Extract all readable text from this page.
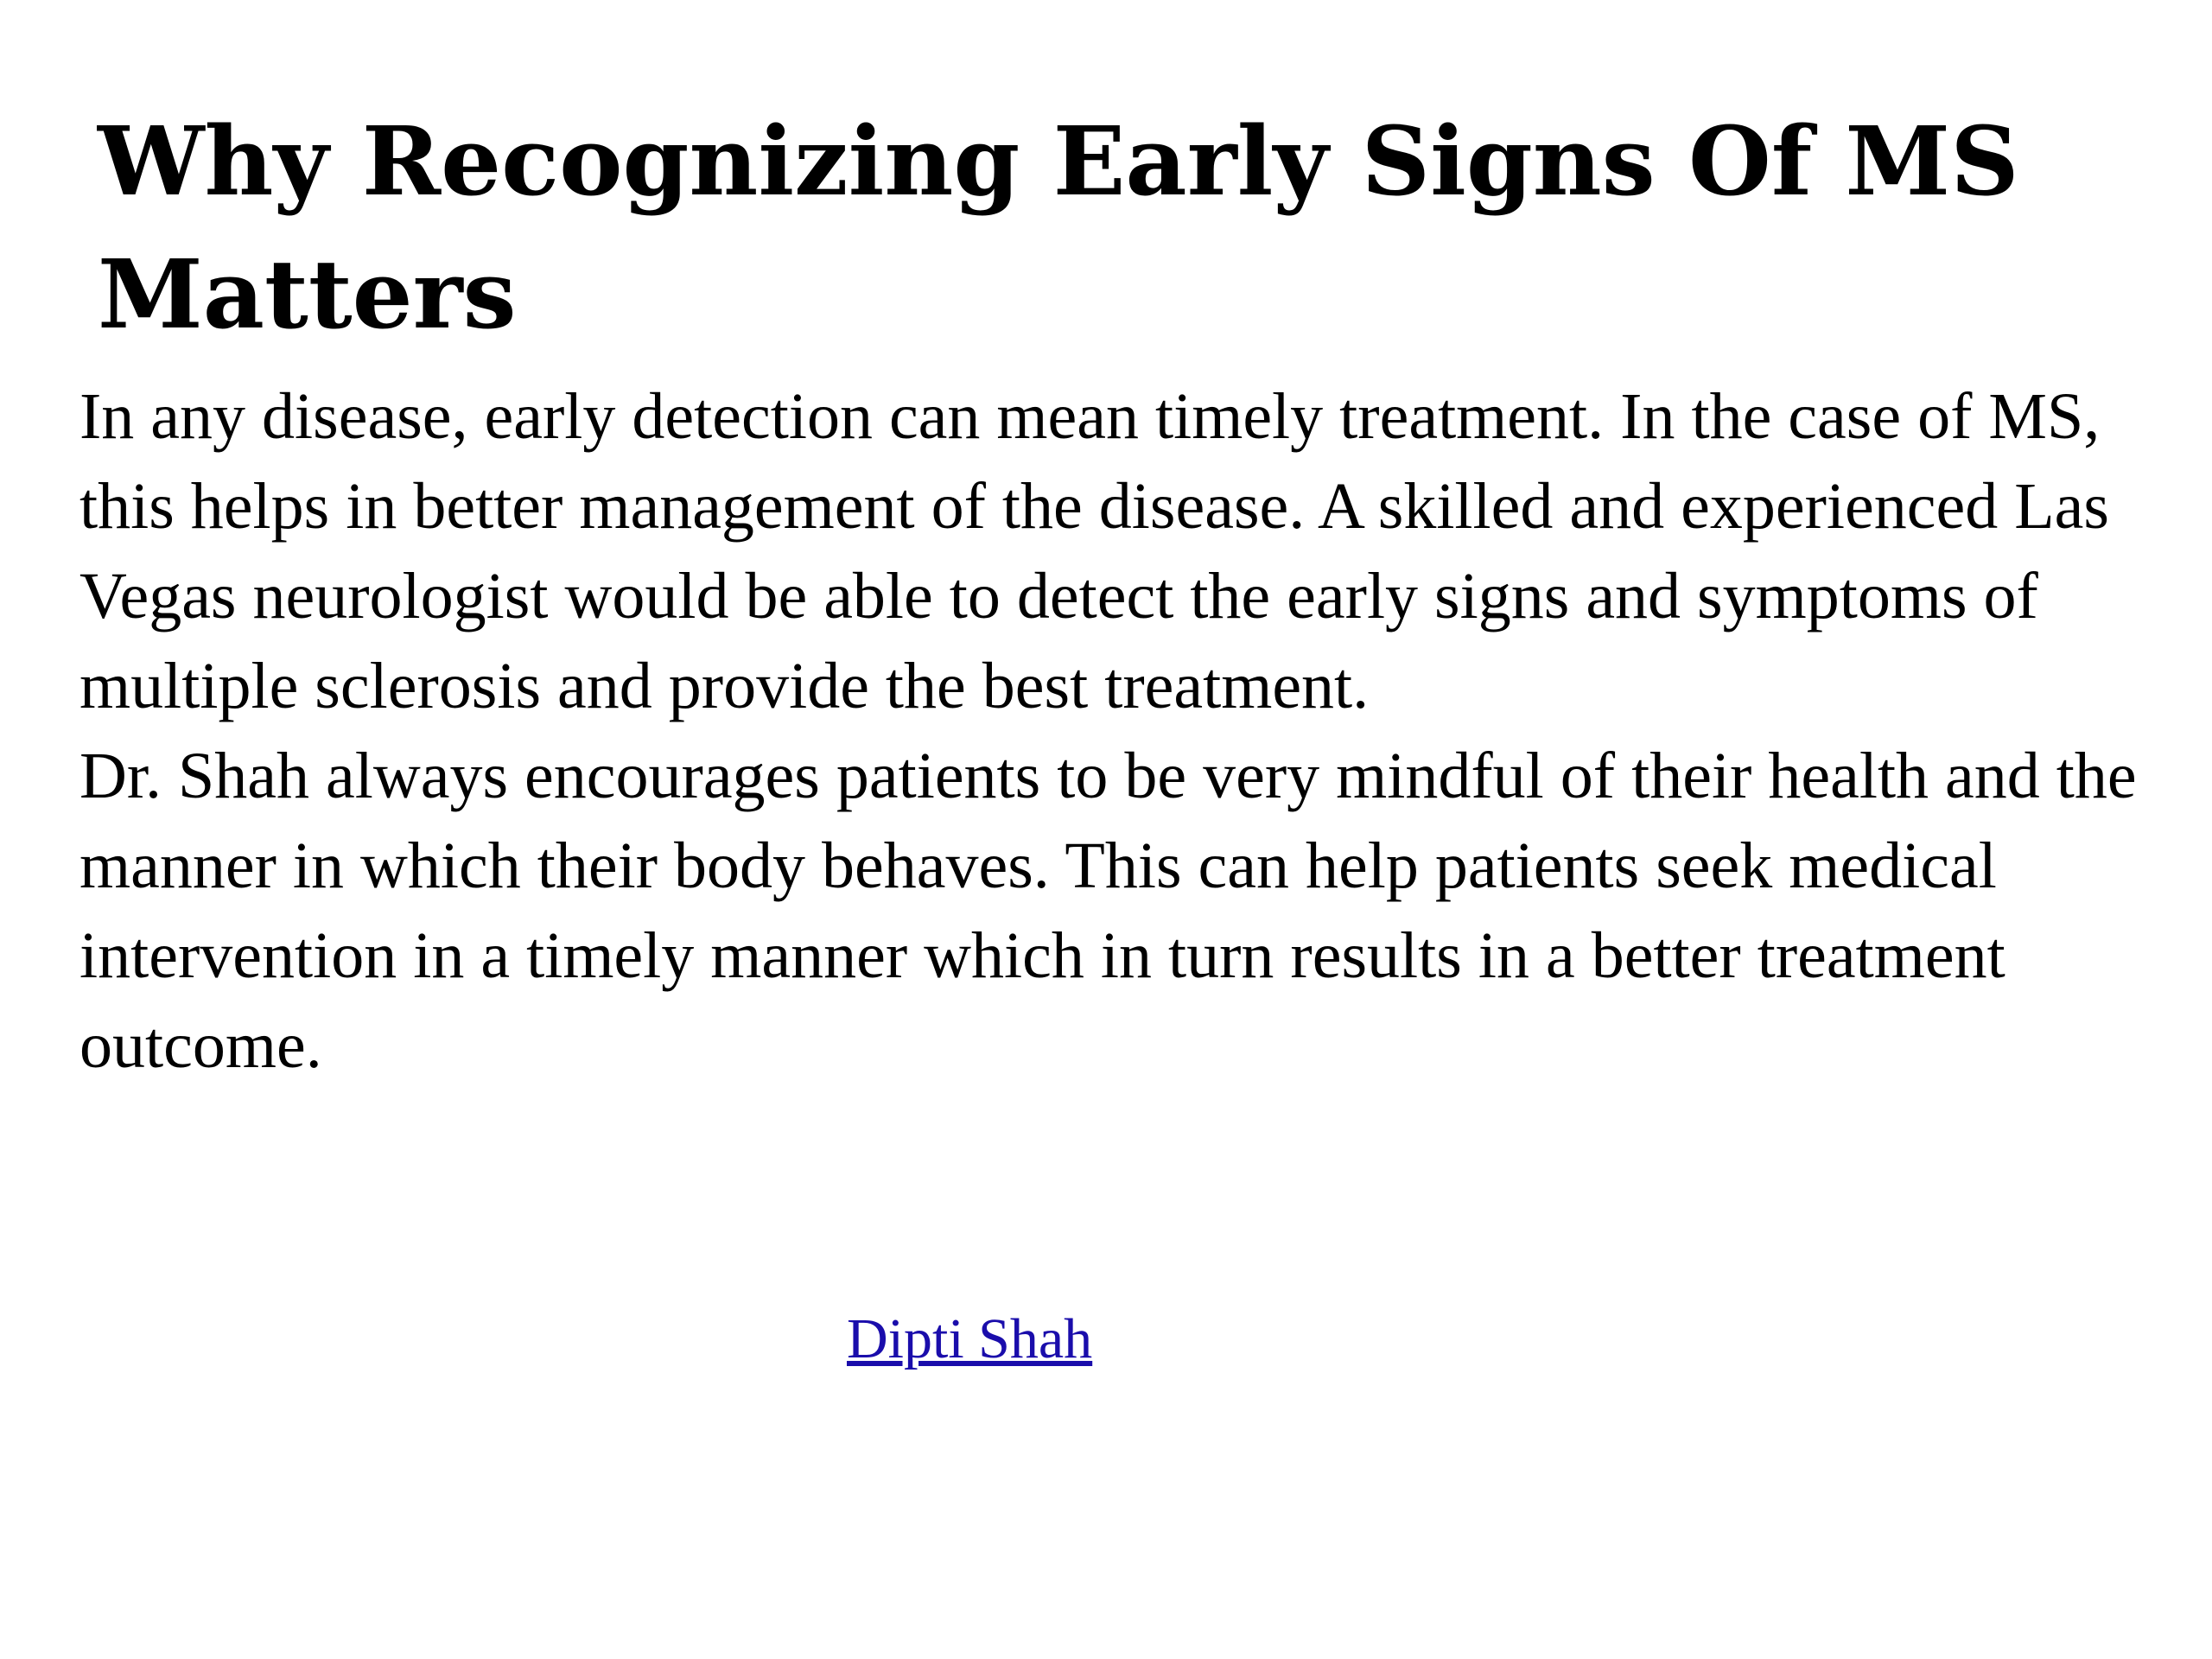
Why Recognizing Early Signs Of MS Matters

In any disease, early detection can mean timely treatment. In the case of MS, this helps in better management of the disease. A skilled and experienced Las Vegas neurologist would be able to detect the early signs and symptoms of multiple sclerosis and provide the best treatment.

Dr. Shah always encourages patients to be very mindful of their health and the manner in which their body behaves. This can help patients seek medical intervention in a timely manner which in turn results in a better treatment outcome.

Dipti Shah
